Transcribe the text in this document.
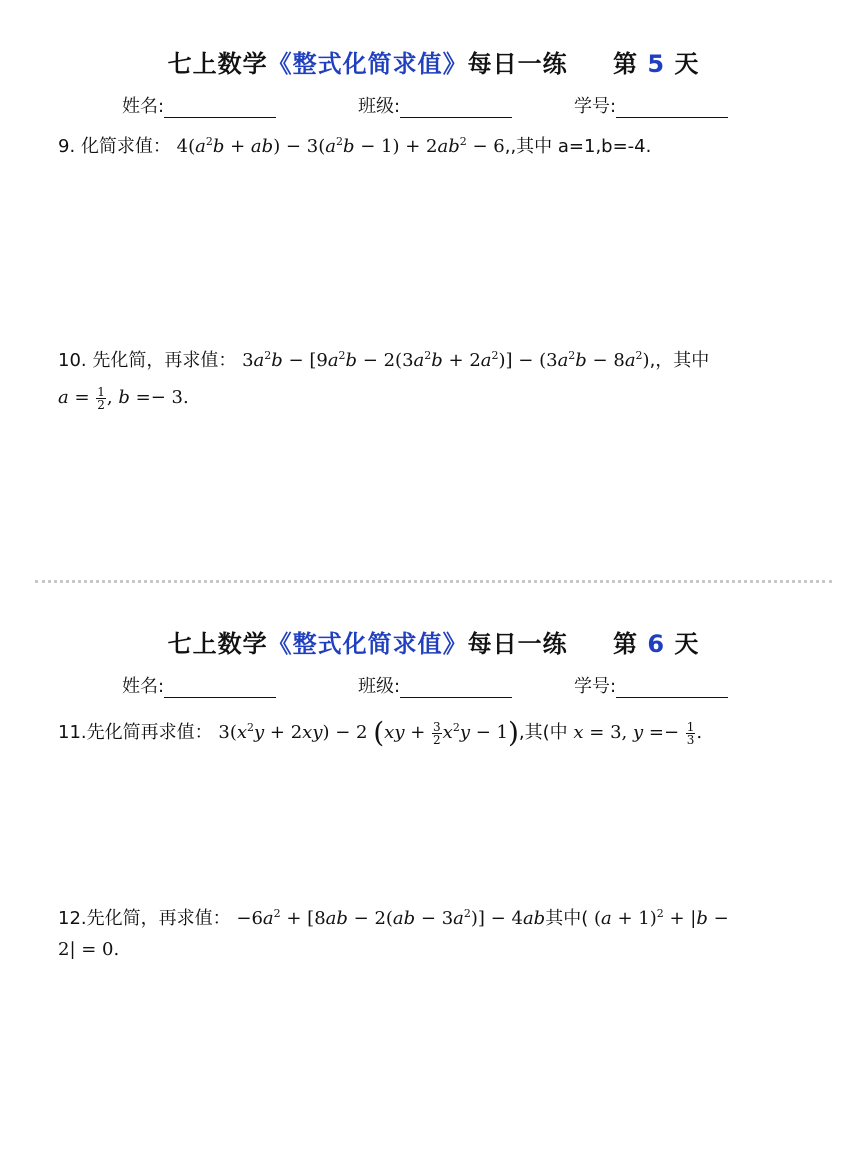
七上数学《整式化简求值》每日一练 第 5 天
姓名:	班级:	学号:
9. 化简求值： $4(a^2b + ab) - 3(a^2b - 1) + 2ab^2 - 6$,,其中 a=1,b=-4.
10. 先化简，再求值： $3a^2b - [9a^2b - 2(3a^2b + 2a^2)] - (3a^2b - 8a^2)$,，其中
$a = \frac{1}{2}$ , b =− 3.
七上数学《整式化简求值》每日一练 第 6 天
姓名:	班级:	学号:
11.先化简再求值： $3(x^2y + 2xy) - 2$ $(xy + \frac{3}{2} x^2y - 1)$,其(中 x = 3, $y =- \frac{1}{3}$ .
12.先化简，再求值： $-6a^2 + [8ab - 2(ab - 3a^2)] - 4ab$其中( $(a + 1)^2 + |b$ −
2| = 0.
